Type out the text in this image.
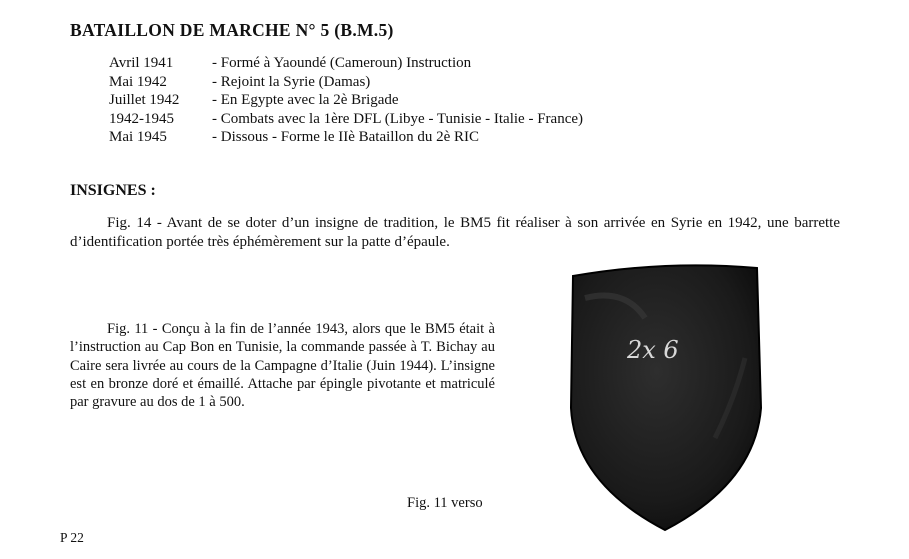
BATAILLON DE MARCHE N° 5 (B.M.5)
Avril 1941	- Formé à Yaoundé (Cameroun) Instruction
Mai 1942	- Rejoint la Syrie (Damas)
Juillet 1942	- En Egypte avec la 2è Brigade
1942-1945	- Combats avec la 1ère DFL (Libye - Tunisie - Italie - France)
Mai 1945	- Dissous - Forme le IIè Bataillon du 2è RIC
INSIGNES :
Fig. 14 - Avant de se doter d’un insigne de tradition, le BM5 fit réaliser à son arrivée en Syrie en 1942, une barrette d’identification portée très éphémèrement sur la patte d’épaule.
Fig. 11 - Conçu à la fin de l’année 1943, alors que le BM5 était à l’instruction au Cap Bon en Tunisie, la commande passée à T. Bichay au Caire sera livrée au cours de la Campagne d’Italie (Juin 1944). L’insigne est en bronze doré et émaillé. Attache par épingle pivotante et matriculé par gravure au dos de 1 à 500.
2x 6
Fig. 11 verso
P 22
